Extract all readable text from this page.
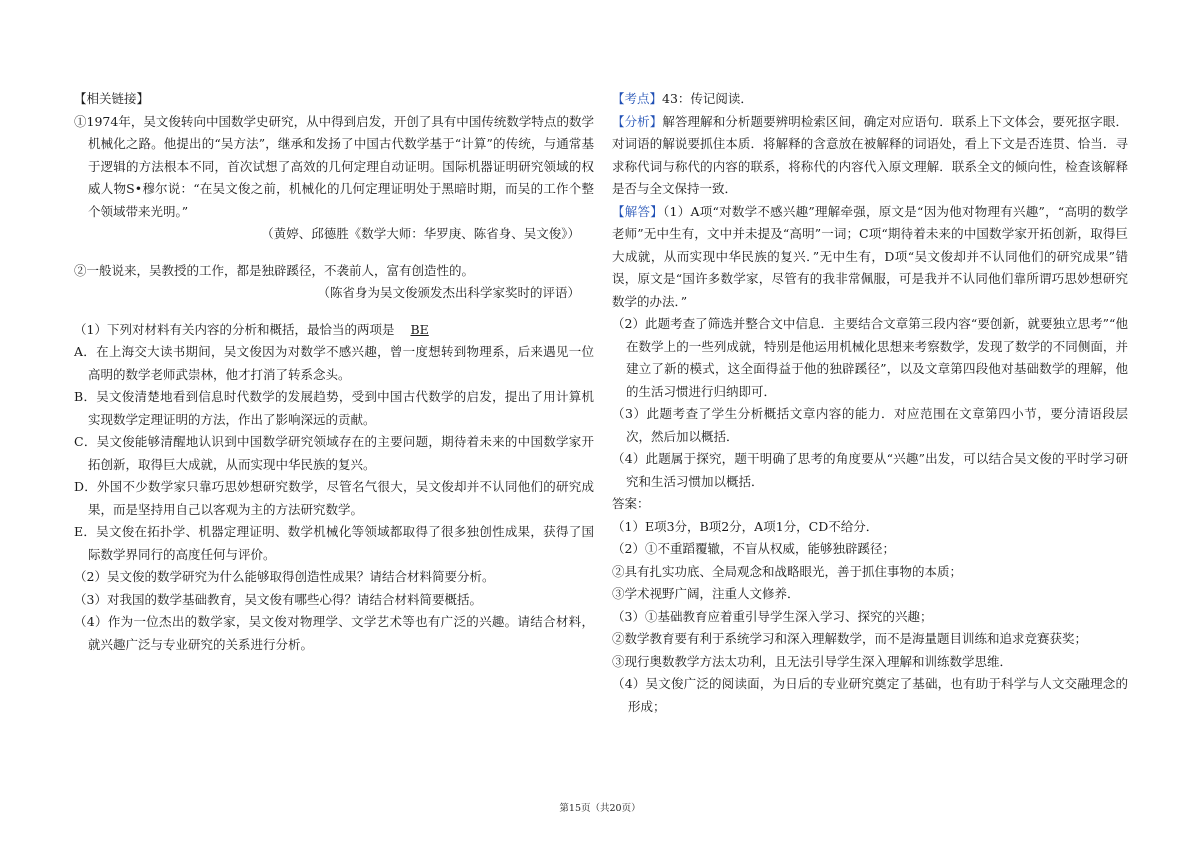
【相关链接】

①1974年，吴文俊转向中国数学史研究，从中得到启发，开创了具有中国传统数学特点的数学机械化之路。他提出的“吴方法”，继承和发扬了中国古代数学基于“计算”的传统，与通常基于逻辑的方法根本不同，首次试想了高效的几何定理自动证明。国际机器证明研究领域的权威人物S•穆尔说：“在吴文俊之前，机械化的几何定理证明处于黑暗时期，而吴的工作个整个领域带来光明。”

（黄婷、邱德胜《数学大师：华罗庚、陈省身、吴文俊》）

②一般说来，吴教授的工作，都是独辟蹊径，不袭前人，富有创造性的。

（陈省身为吴文俊颁发杰出科学家奖时的评语）

（1）下列对材料有关内容的分析和概括，最恰当的两项是 BE

A．在上海交大读书期间，吴文俊因为对数学不感兴趣，曾一度想转到物理系，后来遇见一位高明的数学老师武崇林，他才打消了转系念头。

B．吴文俊清楚地看到信息时代数学的发展趋势，受到中国古代数学的启发，提出了用计算机实现数学定理证明的方法，作出了影响深远的贡献。

C．吴文俊能够清醒地认识到中国数学研究领域存在的主要问题，期待着未来的中国数学家开拓创新，取得巨大成就，从而实现中华民族的复兴。

D．外国不少数学家只靠巧思妙想研究数学，尽管名气很大，吴文俊却并不认同他们的研究成果，而是坚持用自己以客观为主的方法研究数学。

E．吴文俊在拓扑学、机器定理证明、数学机械化等领域都取得了很多独创性成果，获得了国际数学界同行的高度任何与评价。

（2）吴文俊的数学研究为什么能够取得创造性成果？请结合材料简要分析。

（3）对我国的数学基础教育，吴文俊有哪些心得？请结合材料简要概括。

（4）作为一位杰出的数学家，吴文俊对物理学、文学艺术等也有广泛的兴趣。请结合材料，就兴趣广泛与专业研究的关系进行分析。

【考点】43：传记阅读．

【分析】解答理解和分析题要辨明检索区间，确定对应语句．联系上下文体会，要死抠字眼．对词语的解说要抓住本质．将解释的含意放在被解释的词语处，看上下文是否连贯、恰当．寻求称代词与称代的内容的联系，将称代的内容代入原文理解．联系全文的倾向性，检查该解释是否与全文保持一致．

【解答】（1）A项“对数学不感兴趣”理解牵强，原文是“因为他对物理有兴趣”，“高明的数学老师”无中生有，文中并未提及“高明”一词；C项“期待着未来的中国数学家开拓创新，取得巨大成就，从而实现中华民族的复兴．”无中生有，D项“吴文俊却并不认同他们的研究成果”错误，原文是“国许多数学家，尽管有的我非常佩服，可是我并不认同他们靠所谓巧思妙想研究数学的办法．”

（2）此题考查了筛选并整合文中信息．主要结合文章第三段内容“要创新，就要独立思考”“他在数学上的一些列成就，特别是他运用机械化思想来考察数学，发现了数学的不同侧面，并建立了新的模式，这全面得益于他的独辟蹊径”，以及文章第四段他对基础数学的理解，他的生活习惯进行归纳即可．

（3）此题考查了学生分析概括文章内容的能力．对应范围在文章第四小节，要分清语段层次，然后加以概括．

（4）此题属于探究，题干明确了思考的角度要从“兴趣”出发，可以结合吴文俊的平时学习研究和生活习惯加以概括．

答案：

（1）E项3分，B项2分，A项1分，CD不给分．

（2）①不重蹈覆辙，不盲从权威，能够独辟蹊径；

②具有扎实功底、全局观念和战略眼光，善于抓住事物的本质；

③学术视野广阔，注重人文修养．

（3）①基础教育应着重引导学生深入学习、探究的兴趣；

②数学教育要有利于系统学习和深入理解数学，而不是海量题目训练和追求竞赛获奖；

③现行奥数教学方法太功利，且无法引导学生深入理解和训练数学思维．

（4）吴文俊广泛的阅读面，为日后的专业研究奠定了基础，也有助于科学与人文交融理念的形成；

第15页（共20页）
